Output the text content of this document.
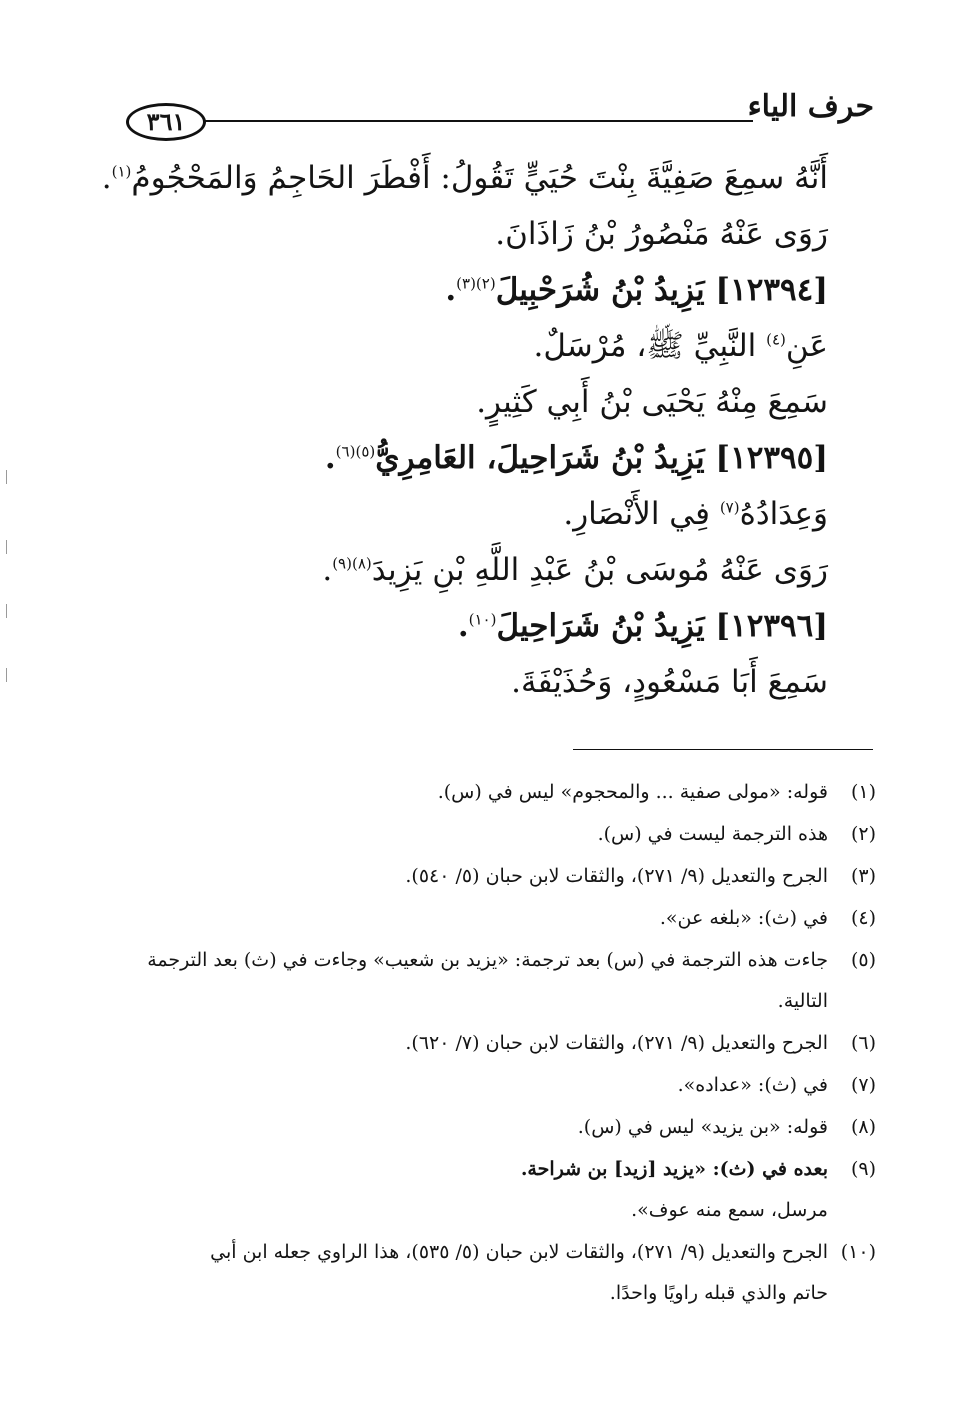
حرف الياء
٣٦١
أَنَّهُ سمِعَ صَفِيَّةَ بِنْتَ حُيَيٍّ تَقُولُ: أَفْطَرَ الحَاجِمُ وَالمَحْجُومُ$^{(١)}$.
رَوَى عَنْهُ مَنْصُورُ بْنُ زَاذَانَ.
[١٢٣٩٤] يَزِيدُ بْنُ شُرَحْبِيلَ$^{(٢)(٣)}$.
عَنِ$^{(٤)}$ النَّبِيِّ ﷺ، مُرْسَلٌ.
سَمِعَ مِنْهُ يَحْيَى بْنُ أَبِي كَثِيرٍ.
[١٢٣٩٥] يَزِيدُ بْنُ شَرَاحِيلَ، العَامِرِيُّ$^{(٥)(٦)}$.
وَعِدَادُهُ$^{(٧)}$ فِي الأَنْصَارِ.
رَوَى عَنْهُ مُوسَى بْنُ عَبْدِ اللَّهِ بْنِ يَزِيدَ$^{(٨)(٩)}$.
[١٢٣٩٦] يَزِيدُ بْنُ شَرَاحِيلَ$^{(١٠)}$.
سَمِعَ أَبَا مَسْعُودٍ، وَحُذَيْفَةَ.
(١)
قوله: «مولى صفية ... والمحجوم» ليس في (س).
(٢)
هذه الترجمة ليست في (س).
(٣)
الجرح والتعديل (٩/ ٢٧١)، والثقات لابن حبان (٥/ ٥٤٠).
(٤)
في (ث): «بلغه عن».
(٥)
جاءت هذه الترجمة في (س) بعد ترجمة: «يزيد بن شعيب» وجاءت في (ث) بعد الترجمة
التالية.
(٦)
الجرح والتعديل (٩/ ٢٧١)، والثقات لابن حبان (٧/ ٦٢٠).
(٧)
في (ث): «عداده».
(٨)
قوله: «بن يزيد» ليس في (س).
(٩)
بعده في (ث): «يزيد [زيد] بن شراحة.
مرسل، سمع منه عوف».
(١٠)
الجرح والتعديل (٩/ ٢٧١)، والثقات لابن حبان (٥/ ٥٣٥)، هذا الراوي جعله ابن أبي
حاتم والذي قبله راويًا واحدًا.
